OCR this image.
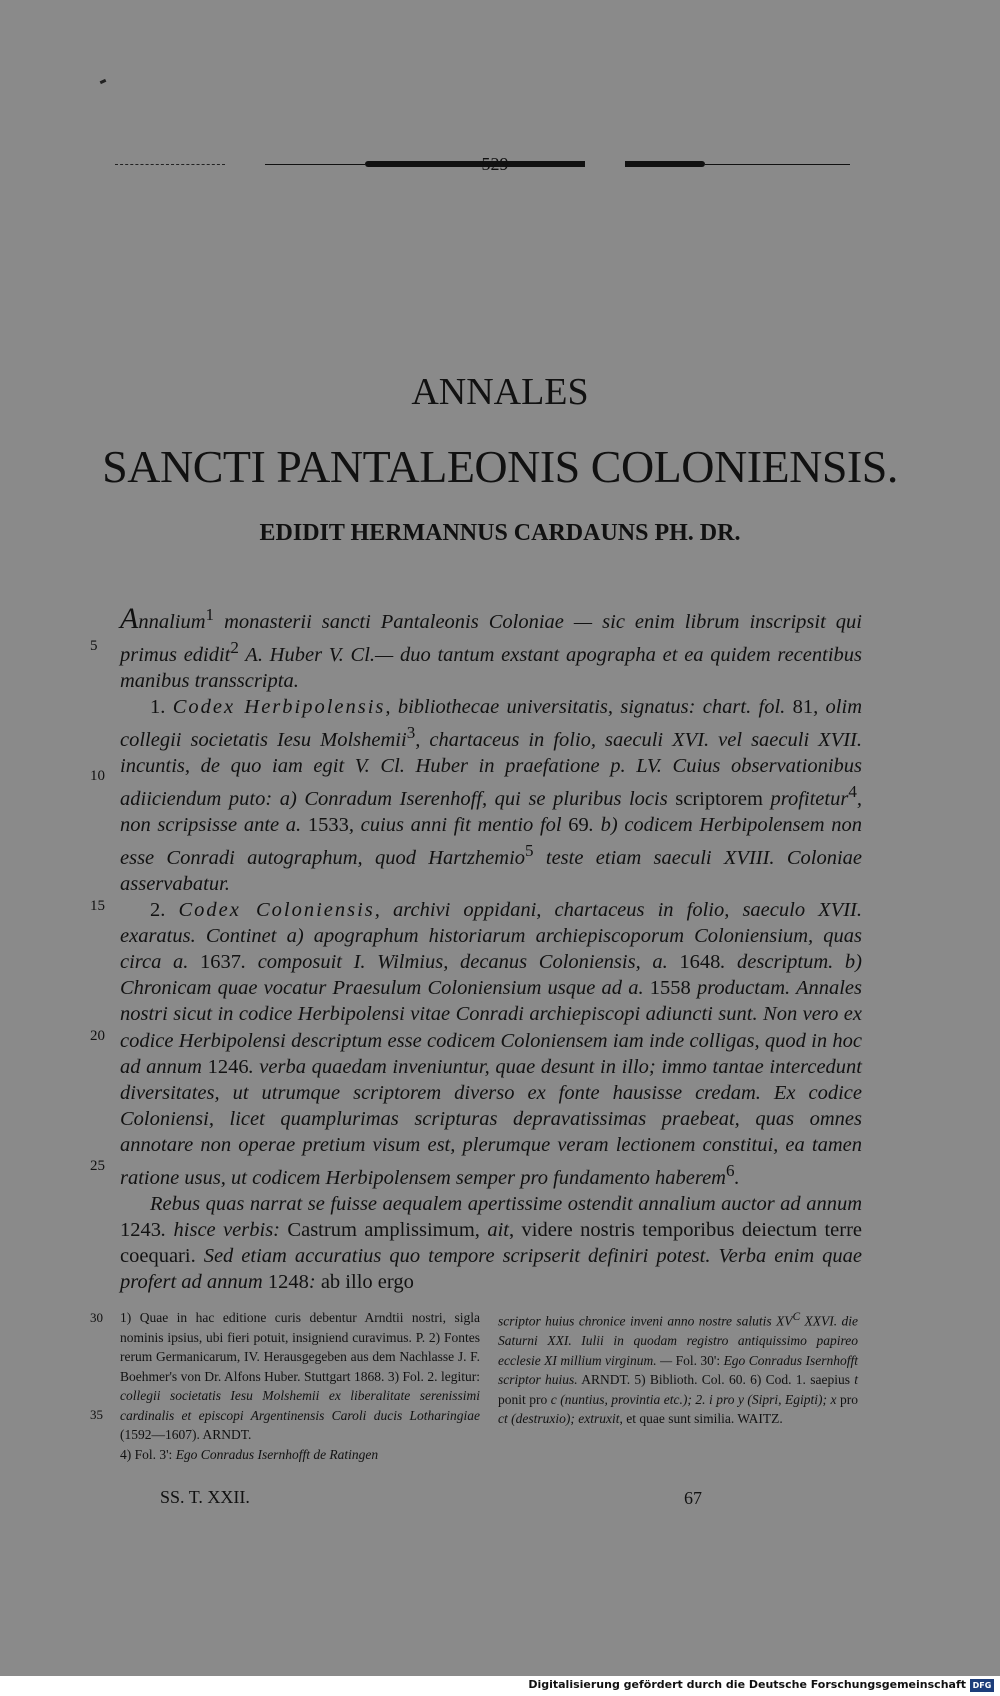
529
ANNALES
SANCTI PANTALEONIS COLONIENSIS.
EDIDIT HERMANNUS CARDAUNS PH. DR.
5
10
15
20
25

Annalium$^1$ monasterii sancti Pantaleonis Coloniae — sic enim librum inscripsit qui primus edidit$^2$ A. Huber V. Cl.— duo tantum exstant apographa et ea quidem recentibus manibus transscripta.

1. Codex Herbipolensis, bibliothecae universitatis, signatus: chart. fol. 81, olim collegii societatis Iesu Molshemii$^3$, chartaceus in folio, saeculi XVI. vel saeculi XVII. incuntis, de quo iam egit V. Cl. Huber in praefatione p. LV. Cuius observationibus adiiciendum puto: a) Conradum Iserenhoff, qui se pluribus locis scriptorem profitetur$^4$, non scripsisse ante a. 1533, cuius anni fit mentio fol 69. b) codicem Herbipolensem non esse Conradi autographum, quod Hartzhemio$^5$ teste etiam saeculi XVIII. Coloniae asservabatur.

2. Codex Coloniensis, archivi oppidani, chartaceus in folio, saeculo XVII. exaratus. Continet a) apographum historiarum archiepiscoporum Coloniensium, quas circa a. 1637. composuit I. Wilmius, decanus Coloniensis, a. 1648. descriptum. b) Chronicam quae vocatur Praesulum Coloniensium usque ad a. 1558 productam. Annales nostri sicut in codice Herbipolensi vitae Conradi archiepiscopi adiuncti sunt. Non vero ex codice Herbipolensi descriptum esse codicem Coloniensem iam inde colligas, quod in hoc ad annum 1246. verba quaedam inveniuntur, quae desunt in illo; immo tantae intercedunt diversitates, ut utrumque scriptorem diverso ex fonte hausisse credam. Ex codice Coloniensi, licet quamplurimas scripturas depravatissimas praebeat, quas omnes annotare non operae pretium visum est, plerumque veram lectionem constitui, ea tamen ratione usus, ut codicem Herbipolensem semper pro fundamento haberem$^6$.

Rebus quas narrat se fuisse aequalem apertissime ostendit annalium auctor ad annum 1243. hisce verbis: Castrum amplissimum, ait, videre nostris temporibus deiectum terre coequari. Sed etiam accuratius quo tempore scripserit definiri potest. Verba enim quae profert ad annum 1248: ab illo ergo

30
35

1) Quae in hac editione curis debentur Arndtii nostri, sigla nominis ipsius, ubi fieri potuit, insigniend curavimus. P. 2) Fontes rerum Germanicarum, IV. Herausgegeben aus dem Nachlasse J. F. Boehmer's von Dr. Alfons Huber. Stuttgart 1868. 3) Fol. 2. legitur: collegii societatis Iesu Molshemii ex liberalitate serenissimi cardinalis et episcopi Argentinensis Caroli ducis Lotharingiae (1592—1607). ARNDT.

4) Fol. 3': Ego Conradus Isernhofft de Ratingen

scriptor huius chronice inveni anno nostre salutis $XV^C$ XXVI. die Saturni XXI. Iulii in quodam registro antiquissimo papireo ecclesie XI millium virginum. — Fol. 30': Ego Conradus Isernhofft scriptor huius. ARNDT. 5) Biblioth. Col. 60. 6) Cod. 1. saepius t ponit pro c (nuntius, provintia etc.); 2. i pro y (Sipri, Egipti); x pro ct (destruxio); extruxit, et quae sunt similia. WAITZ.

SS. T. XXII.	67
Digitalisierung gefördert durch die Deutsche Forschungsgemeinschaft DFG
